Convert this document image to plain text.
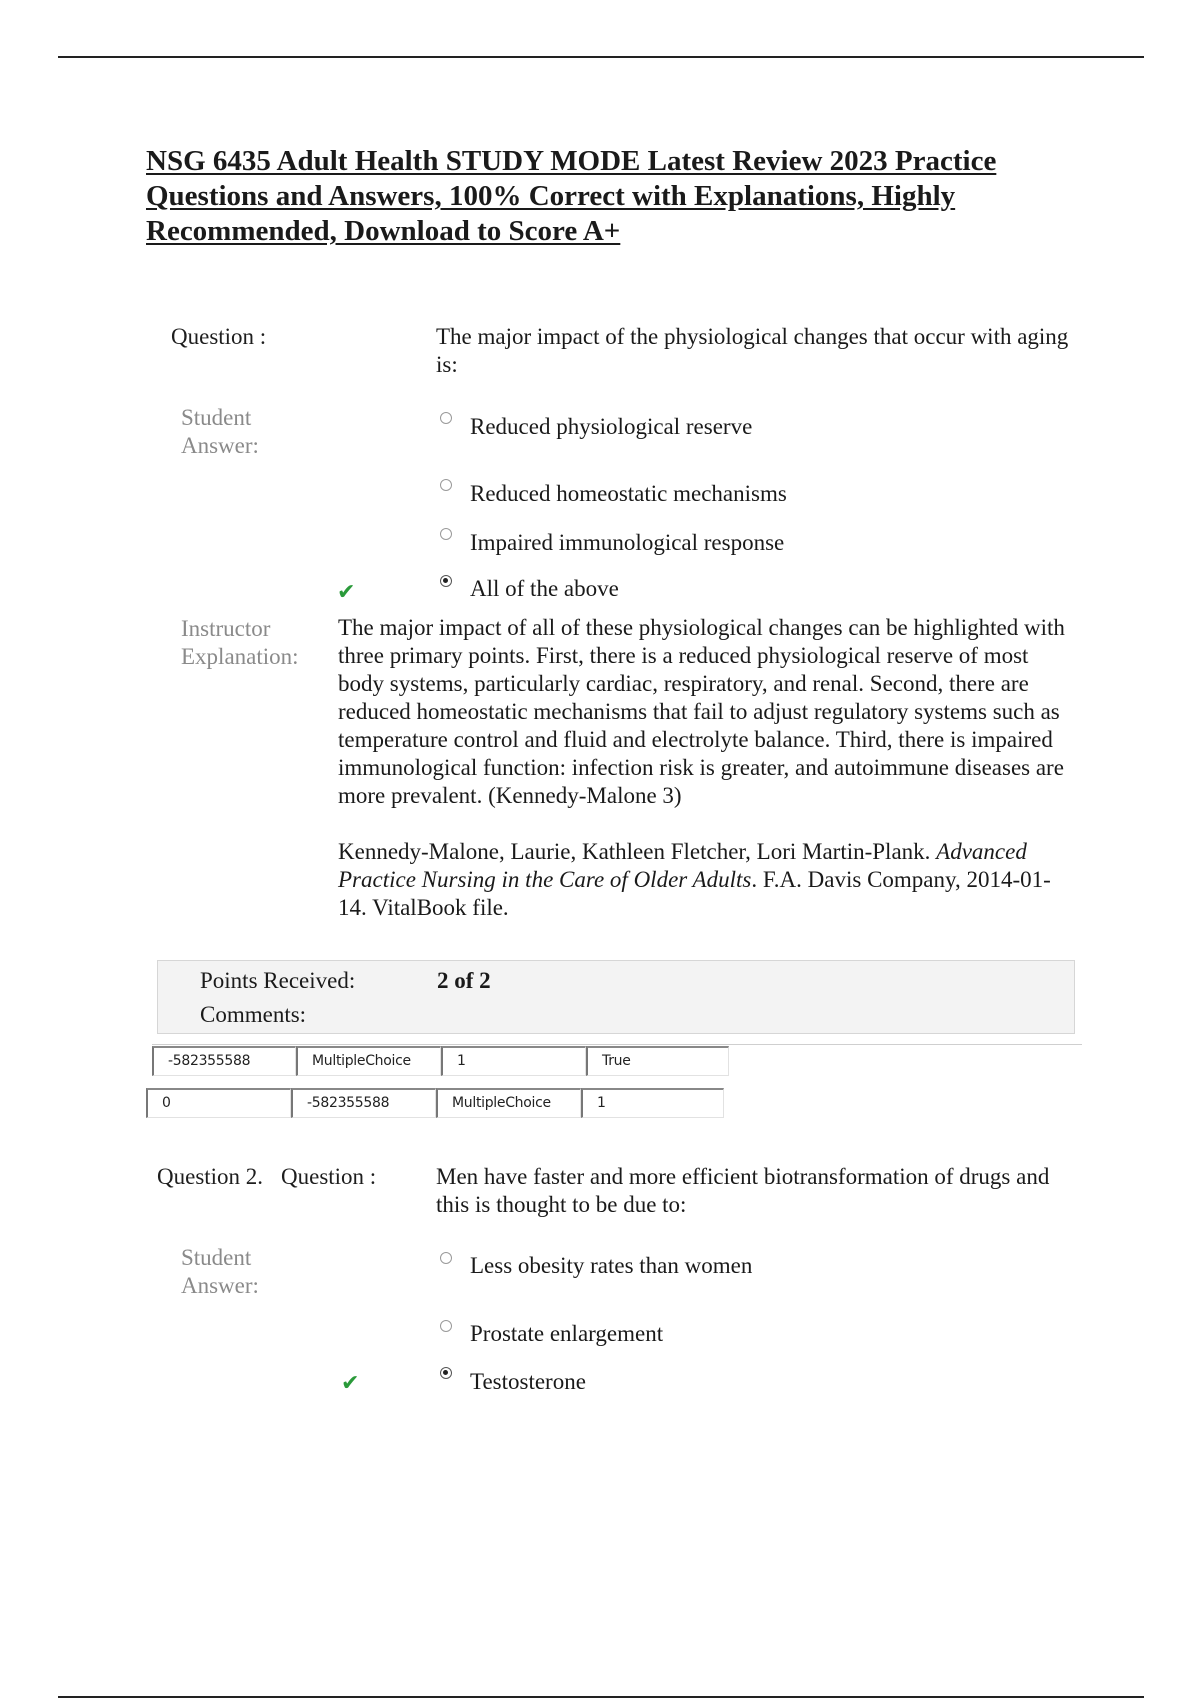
NSG 6435 Adult Health STUDY MODE Latest Review 2023 Practice Questions and Answers, 100% Correct with Explanations, Highly Recommended, Download to Score A+
Question :	The major impact of the physiological changes that occur with aging is:
Student
Answer:
Reduced physiological reserve
Reduced homeostatic mechanisms
Impaired immunological response
✔	All of the above
Instructor
Explanation:

The major impact of all of these physiological changes can be highlighted with three primary points. First, there is a reduced physiological reserve of most body systems, particularly cardiac, respiratory, and renal. Second, there are reduced homeostatic mechanisms that fail to adjust regulatory systems such as temperature control and fluid and electrolyte balance. Third, there is impaired immunological function: infection risk is greater, and autoimmune diseases are more prevalent. (Kennedy-Malone 3)

Kennedy-Malone, Laurie, Kathleen Fletcher, Lori Martin-Plank. Advanced Practice Nursing in the Care of Older Adults. F.A. Davis Company, 2014-01-14. VitalBook file.

Points Received:	2 of 2
Comments:
-582355588	MultipleChoice	1	True
0	-582355588	MultipleChoice	1
Question 2. Question :	Men have faster and more efficient biotransformation of drugs and this is thought to be due to:
Student
Answer:
Less obesity rates than women
Prostate enlargement
✔	Testosterone
